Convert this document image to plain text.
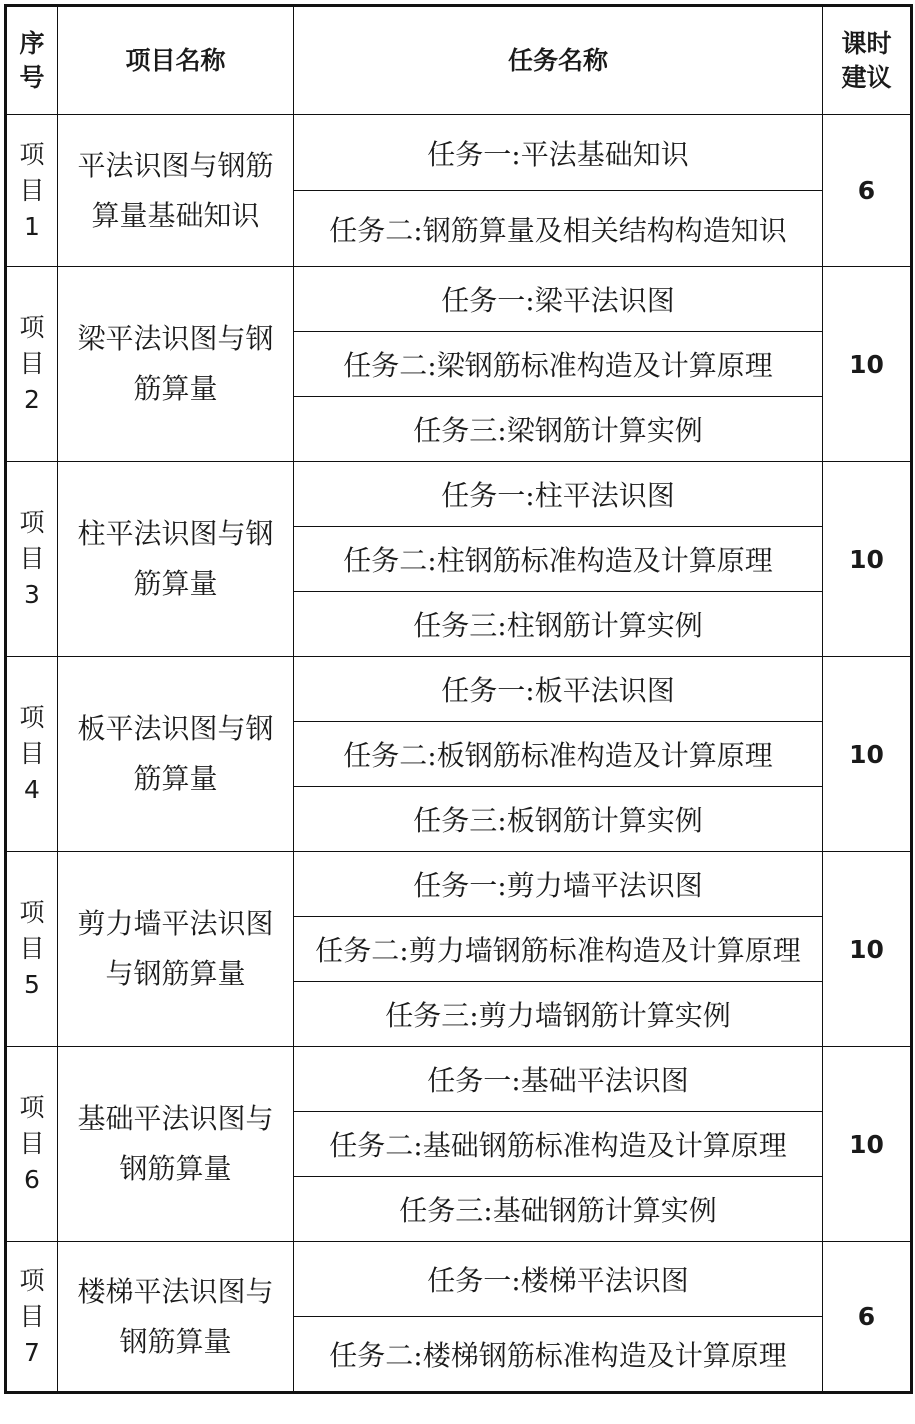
序号	项目名称	任务名称	课时建议
项目1	平法识图与钢筋算量基础知识	任务一:平法基础知识	6
		任务二:钢筋算量及相关结构构造知识	
项目2	梁平法识图与钢筋算量	任务一:梁平法识图	10
		任务二:梁钢筋标准构造及计算原理	
		任务三:梁钢筋计算实例	
项目3	柱平法识图与钢筋算量	任务一:柱平法识图	10
		任务二:柱钢筋标准构造及计算原理	
		任务三:柱钢筋计算实例	
项目4	板平法识图与钢筋算量	任务一:板平法识图	10
		任务二:板钢筋标准构造及计算原理	
		任务三:板钢筋计算实例	
项目5	剪力墙平法识图与钢筋算量	任务一:剪力墙平法识图	10
		任务二:剪力墙钢筋标准构造及计算原理	
		任务三:剪力墙钢筋计算实例	
项目6	基础平法识图与钢筋算量	任务一:基础平法识图	10
		任务二:基础钢筋标准构造及计算原理	
		任务三:基础钢筋计算实例	
项目7	楼梯平法识图与钢筋算量	任务一:楼梯平法识图	6
		任务二:楼梯钢筋标准构造及计算原理	
